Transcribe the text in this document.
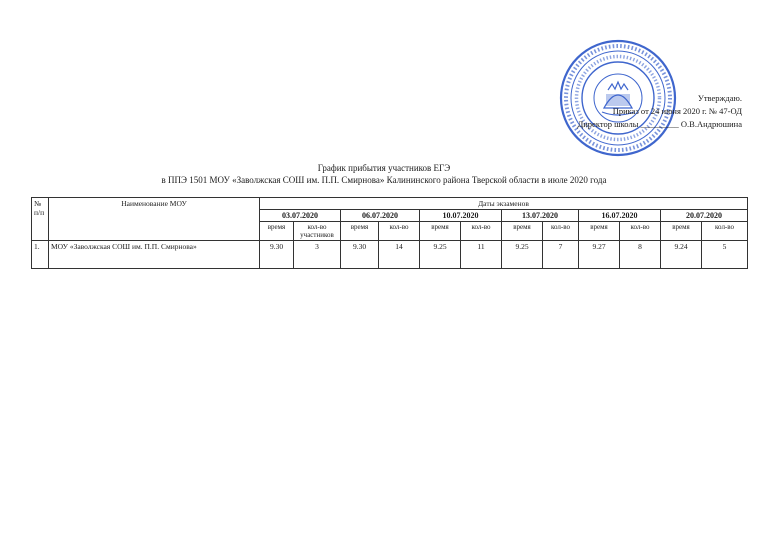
Утверждаю.
Приказ от 24 июня 2020 г. № 47-ОД
Директор школы _________ О.В.Андрюшина
График прибытия участников ЕГЭ
в ППЭ 1501 МОУ «Заволжская СОШ им. П.П. Смирнова» Калининского района Тверской области в июле 2020 года
№ п/п	Наименование МОУ	Даты экзаменов											
		03.07.2020		06.07.2020		10.07.2020		13.07.2020		16.07.2020		20.07.2020	
		время	кол-во участников	время	кол-во	время	кол-во	время	кол-во	время	кол-во	время	кол-во
1.	МОУ «Заволжская СОШ им. П.П. Смирнова»	9.30	3	9.30	14	9.25	11	9.25	7	9.27	8	9.24	5
